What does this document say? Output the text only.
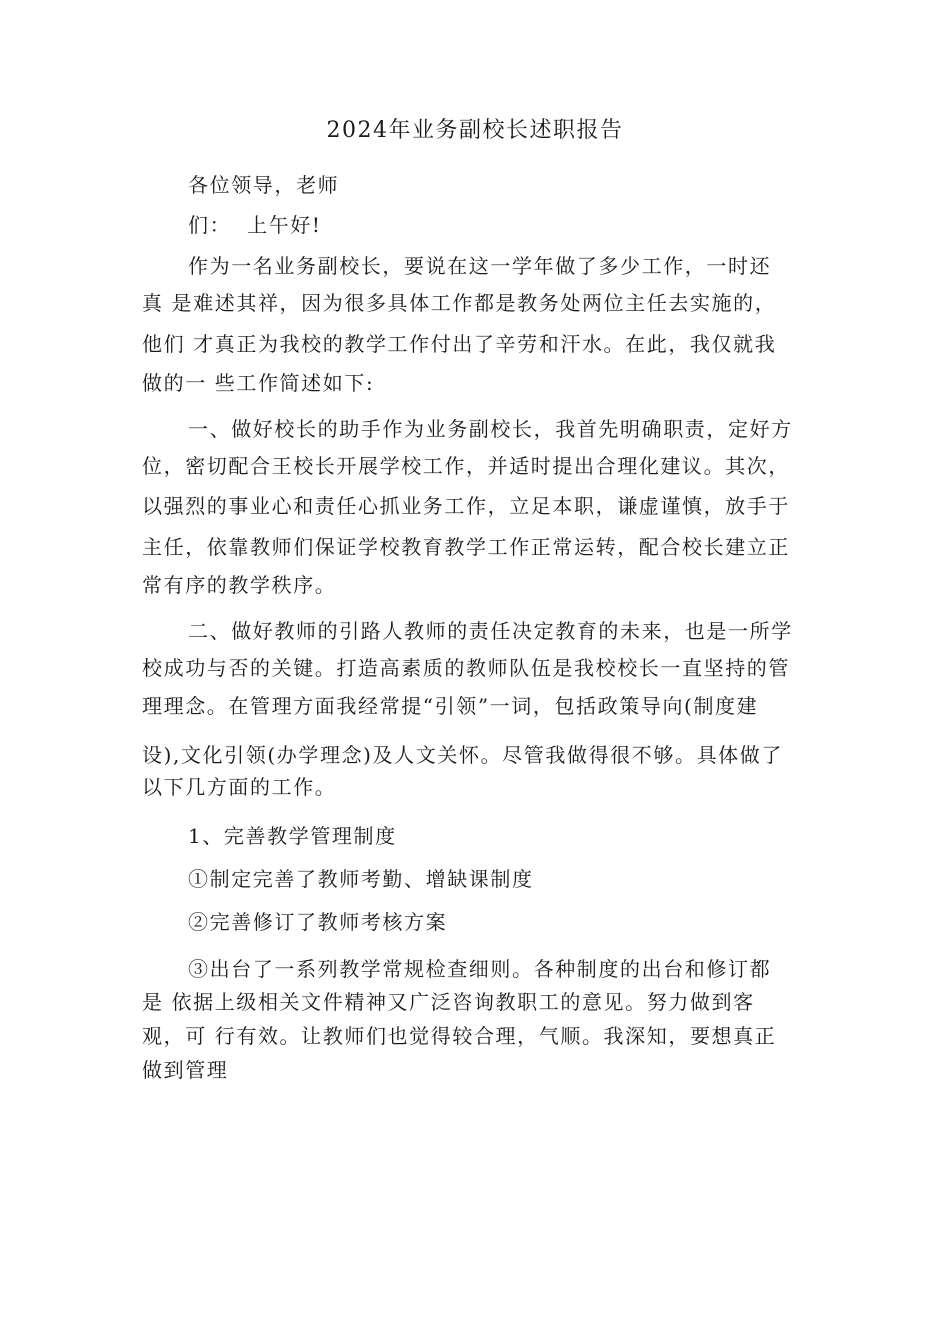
2024年业务副校长述职报告
各位领导，老师
们：  上午好!
作为一名业务副校长，要说在这一学年做了多少工作，一时还
真 是难述其祥，因为很多具体工作都是教务处两位主任去实施的，
他们 才真正为我校的教学工作付出了辛劳和汗水。在此，我仅就我
做的一 些工作简述如下:
一、做好校长的助手作为业务副校长，我首先明确职责，定好方
位，密切配合王校长开展学校工作，并适时提出合理化建议。其次，
以强烈的事业心和责任心抓业务工作，立足本职，谦虚谨慎，放手于
主任，依靠教师们保证学校教育教学工作正常运转，配合校长建立正
常有序的教学秩序。
二、做好教师的引路人教师的责任决定教育的未来，也是一所学
校成功与否的关键。打造高素质的教师队伍是我校校长一直坚持的管
理理念。在管理方面我经常提“引领”一词，包括政策导向(制度建
设),文化引领(办学理念)及人文关怀。尽管我做得很不够。具体做了
以下几方面的工作。
1、完善教学管理制度
①制定完善了教师考勤、增缺课制度
②完善修订了教师考核方案
③出台了一系列教学常规检查细则。各种制度的出台和修订都
是 依据上级相关文件精神又广泛咨询教职工的意见。努力做到客
观，可 行有效。让教师们也觉得较合理，气顺。我深知，要想真正
做到管理
